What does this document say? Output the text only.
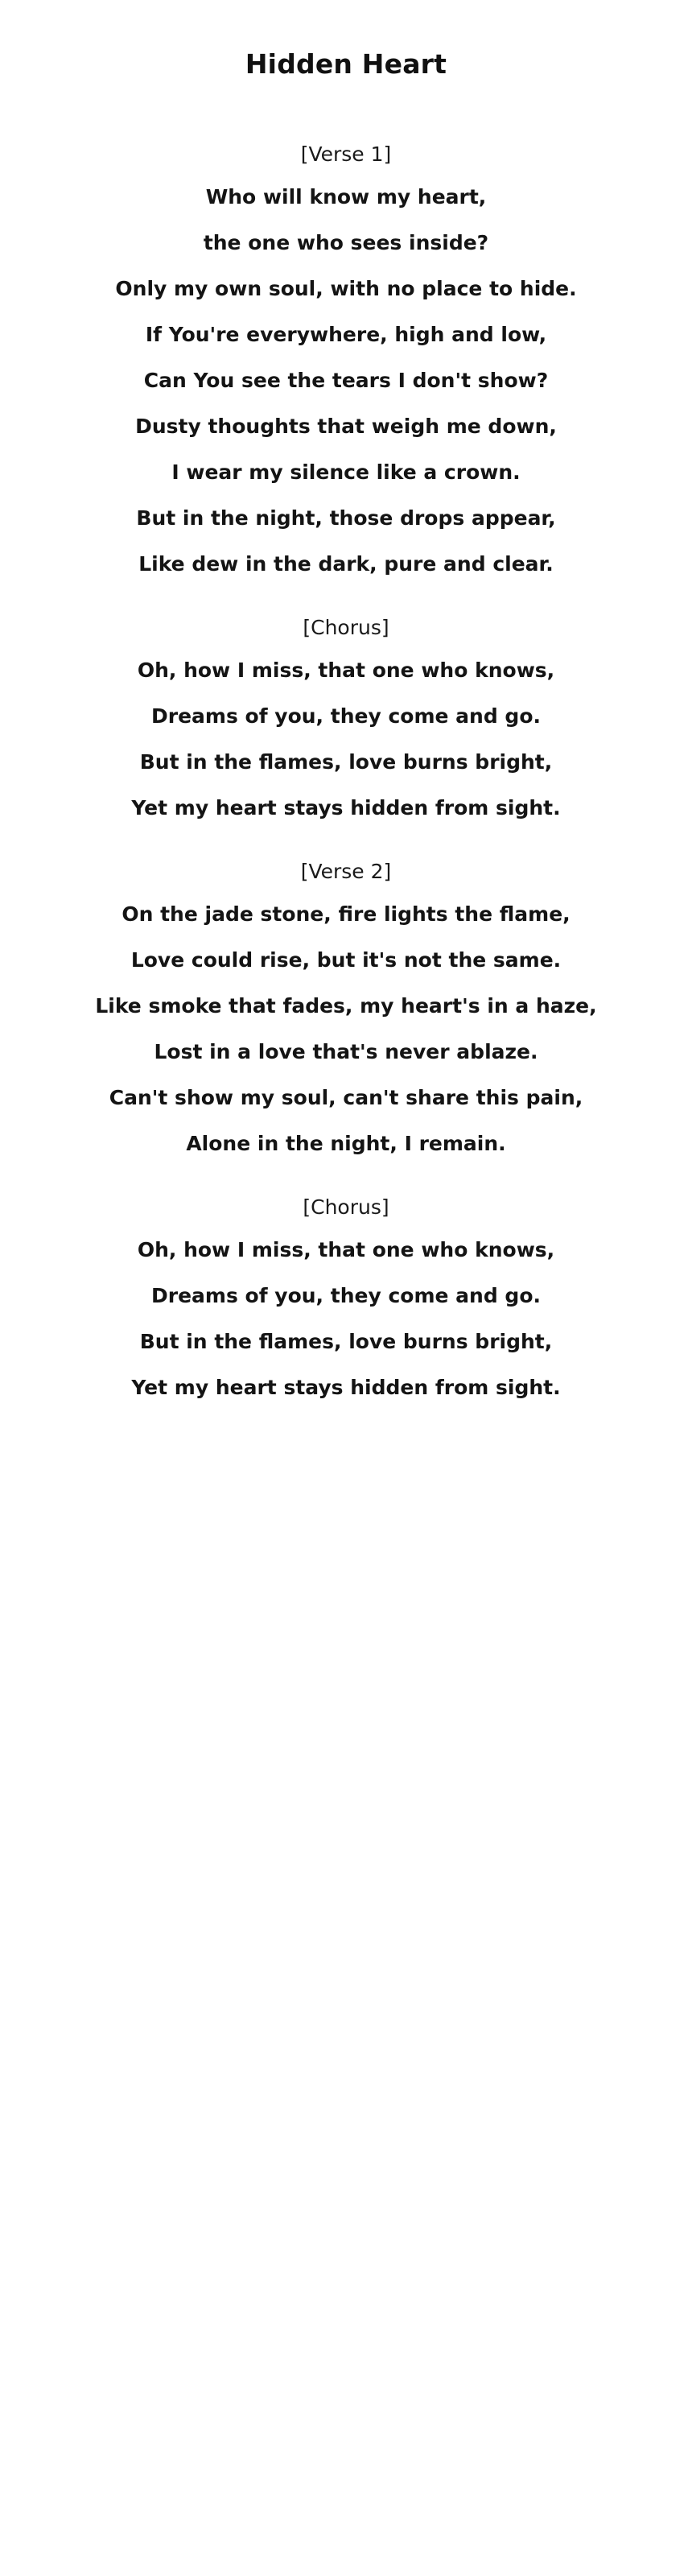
Hidden Heart
[Verse 1]
Who will know my heart,
the one who sees inside?
Only my own soul, with no place to hide.
If You're everywhere, high and low,
Can You see the tears I don't show?
Dusty thoughts that weigh me down,
I wear my silence like a crown.
But in the night, those drops appear,
Like dew in the dark, pure and clear.
[Chorus]
Oh, how I miss, that one who knows,
Dreams of you, they come and go.
But in the flames, love burns bright,
Yet my heart stays hidden from sight.
[Verse 2]
On the jade stone, fire lights the flame,
Love could rise, but it's not the same.
Like smoke that fades, my heart's in a haze,
Lost in a love that's never ablaze.
Can't show my soul, can't share this pain,
Alone in the night, I remain.
[Chorus]
Oh, how I miss, that one who knows,
Dreams of you, they come and go.
But in the flames, love burns bright,
Yet my heart stays hidden from sight.
